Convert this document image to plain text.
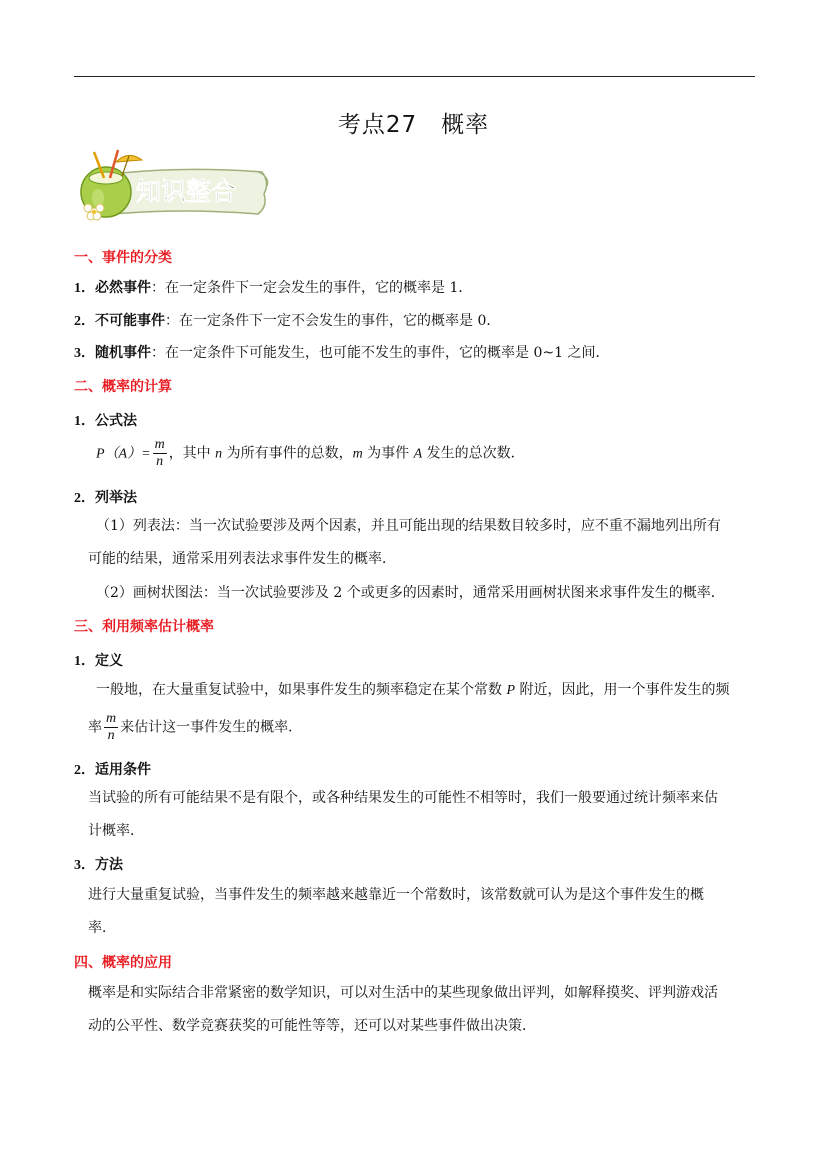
考点27　概率
知识整合
一、事件的分类
1．必然事件：在一定条件下一定会发生的事件，它的概率是 1．
2．不可能事件：在一定条件下一定不会发生的事件，它的概率是 0．
3．随机事件：在一定条件下可能发生，也可能不发生的事件，它的概率是 0~1 之间．
二、概率的计算
1．公式法
$P(A)= \frac{m}{n}$ ，其中 n 为所有事件的总数，m 为事件 A 发生的总次数．
2．列举法
（1）列表法：当一次试验要涉及两个因素，并且可能出现的结果数目较多时，应不重不漏地列出所有
可能的结果，通常采用列表法求事件发生的概率．
（2）画树状图法：当一次试验要涉及 2 个或更多的因素时，通常采用画树状图来求事件发生的概率．
三、利用频率估计概率
1．定义
一般地，在大量重复试验中，如果事件发生的频率稳定在某个常数 P 附近，因此，用一个事件发生的频
率 $\frac{m}{n}$ 来估计这一事件发生的概率．
2．适用条件
当试验的所有可能结果不是有限个，或各种结果发生的可能性不相等时，我们一般要通过统计频率来估
计概率．
3．方法
进行大量重复试验，当事件发生的频率越来越靠近一个常数时，该常数就可认为是这个事件发生的概
率．
四、概率的应用
概率是和实际结合非常紧密的数学知识，可以对生活中的某些现象做出评判，如解释摸奖、评判游戏活
动的公平性、数学竞赛获奖的可能性等等，还可以对某些事件做出决策．
